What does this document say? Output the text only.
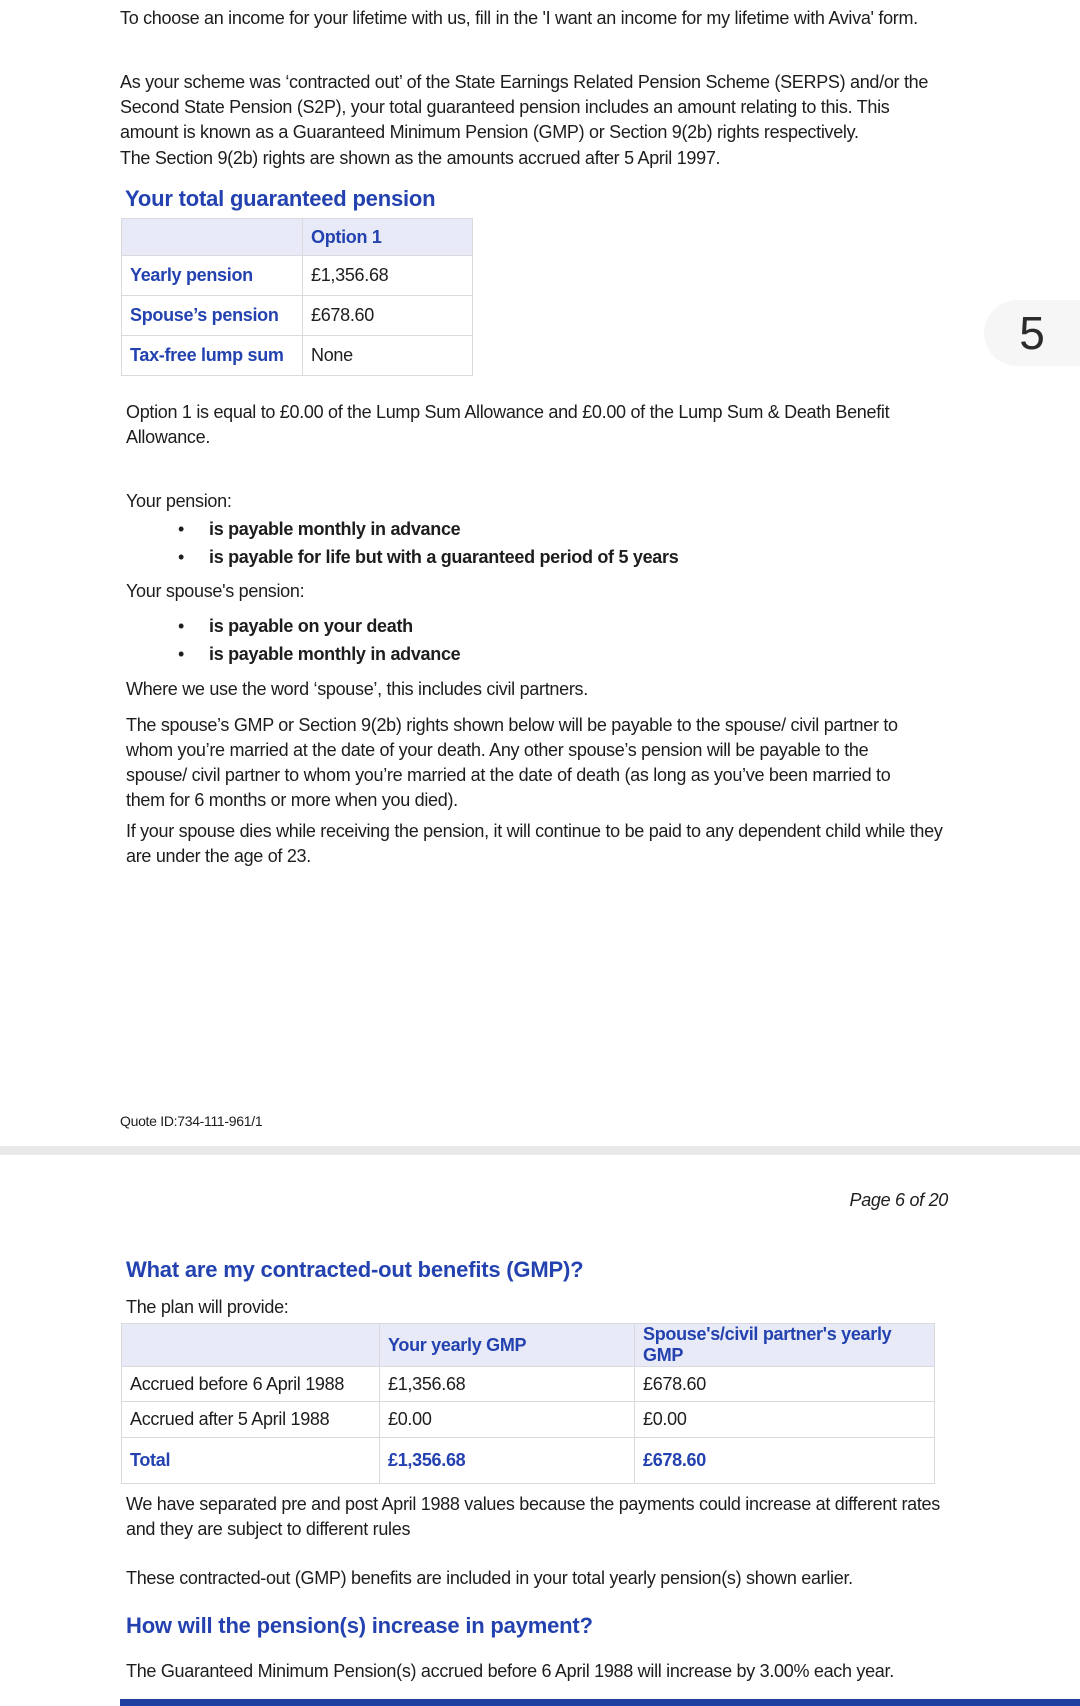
To choose an income for your lifetime with us, fill in the 'I want an income for my lifetime with Aviva' form.
As your scheme was ‘contracted out’ of the State Earnings Related Pension Scheme (SERPS) and/or the Second State Pension (S2P), your total guaranteed pension includes an amount relating to this. This amount is known as a Guaranteed Minimum Pension (GMP) or Section 9(2b) rights respectively.
The Section 9(2b) rights are shown as the amounts accrued after 5 April 1997.
Your total guaranteed pension
	Option 1
Yearly pension	£1,356.68
Spouse’s pension	£678.60
Tax-free lump sum	None	5
Option 1 is equal to £0.00 of the Lump Sum Allowance and £0.00 of the Lump Sum & Death Benefit Allowance.
Your pension:
•	is payable monthly in advance
•	is payable for life but with a guaranteed period of 5 years
Your spouse's pension:
•	is payable on your death
•	is payable monthly in advance
Where we use the word ‘spouse’, this includes civil partners.
The spouse’s GMP or Section 9(2b) rights shown below will be payable to the spouse/ civil partner to whom you’re married at the date of your death. Any other spouse’s pension will be payable to the spouse/ civil partner to whom you’re married at the date of death (as long as you’ve been married to them for 6 months or more when you died).
If your spouse dies while receiving the pension, it will continue to be paid to any dependent child while they are under the age of 23.
Quote ID:734-111-961/1
Page 6 of 20
What are my contracted-out benefits (GMP)?
The plan will provide:
	Your yearly GMP	Spouse's/civil partner's yearly GMP
Accrued before 6 April 1988	£1,356.68	£678.60
Accrued after 5 April 1988	£0.00	£0.00
Total	£1,356.68	£678.60
We have separated pre and post April 1988 values because the payments could increase at different rates and they are subject to different rules
These contracted-out (GMP) benefits are included in your total yearly pension(s) shown earlier.
How will the pension(s) increase in payment?
The Guaranteed Minimum Pension(s) accrued before 6 April 1988 will increase by 3.00% each year.
